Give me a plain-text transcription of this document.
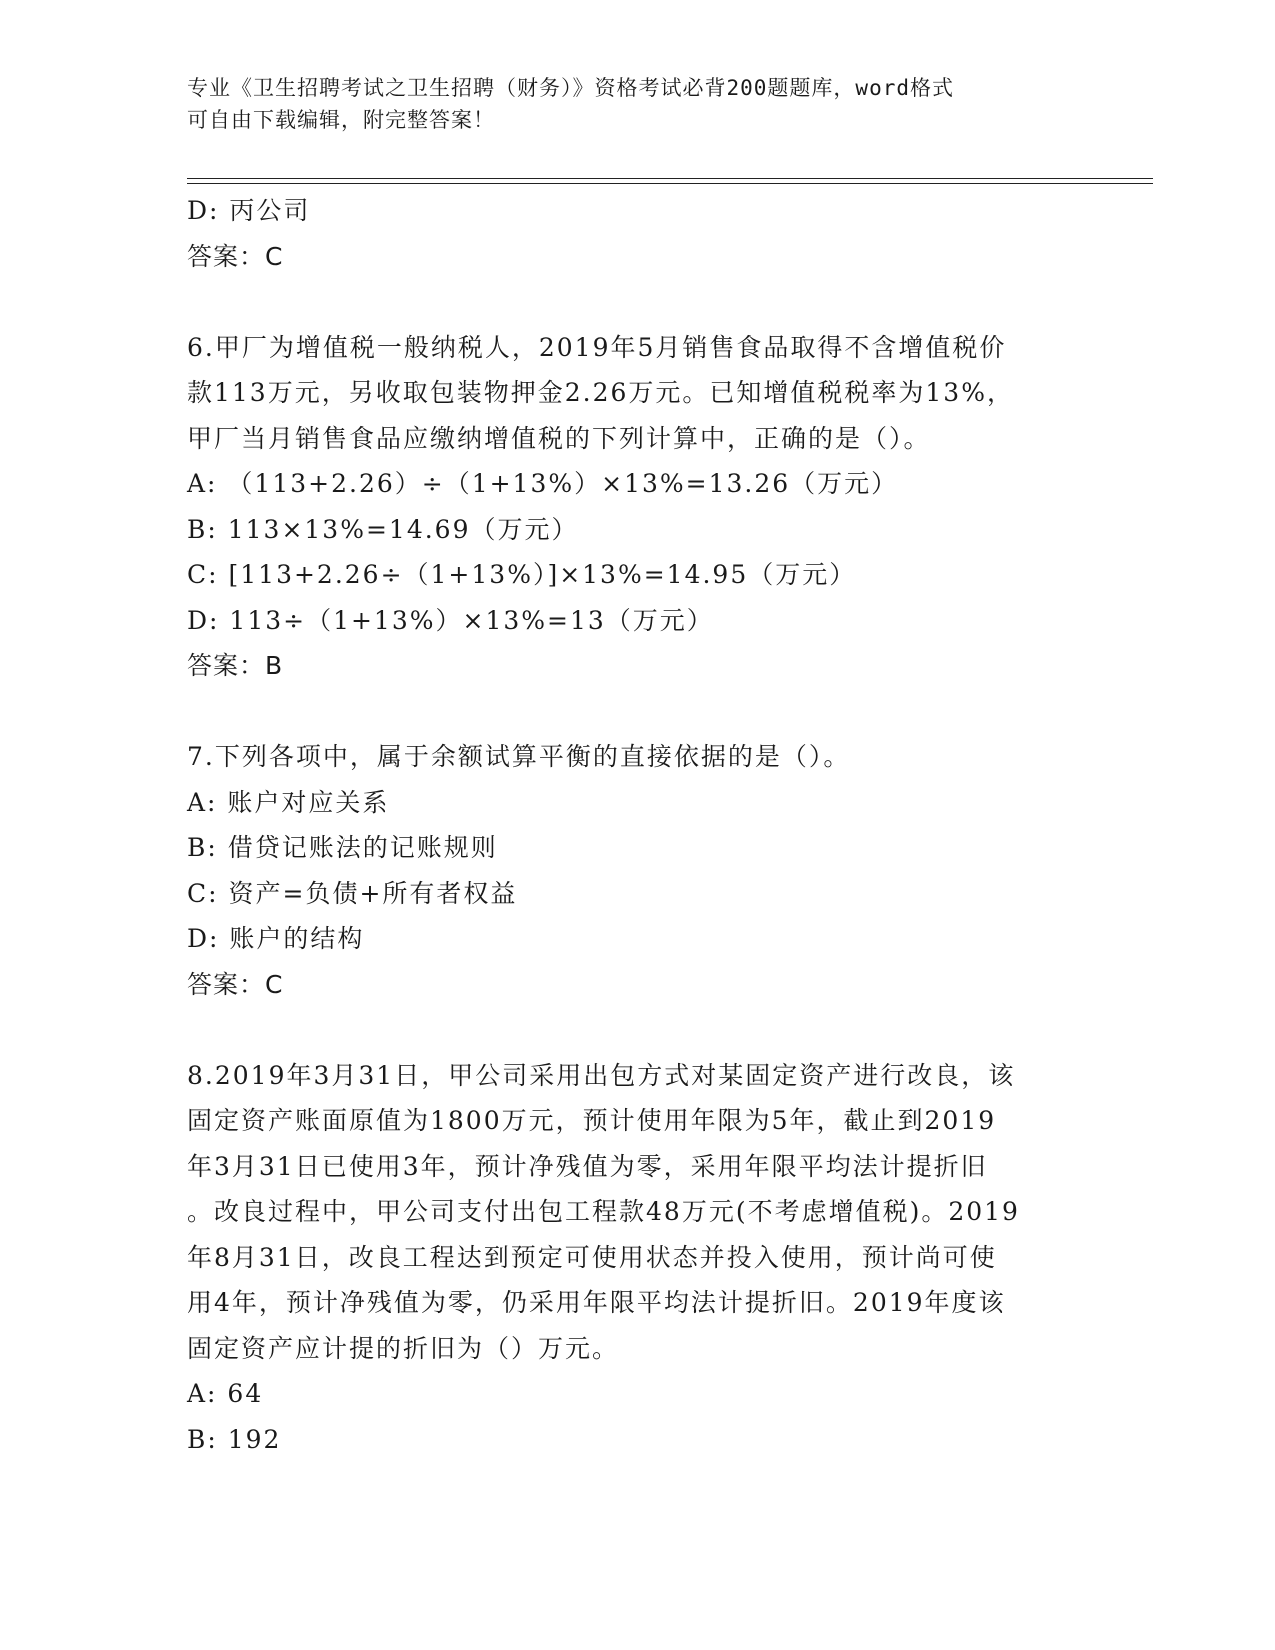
专业《卫生招聘考试之卫生招聘（财务）》资格考试必背200题题库，word格式
可自由下载编辑，附完整答案！
D: 丙公司
答案：C
6.甲厂为增值税一般纳税人，2019年5月销售食品取得不含增值税价
款113万元，另收取包装物押金2.26万元。已知增值税税率为13%，
甲厂当月销售食品应缴纳增值税的下列计算中，正确的是（）。
A: （113+2.26）÷（1+13%）×13%=13.26（万元）
B: 113×13%=14.69（万元）
C: [113+2.26÷（1+13%）]×13%=14.95（万元）
D: 113÷（1+13%）×13%=13（万元）
答案：B
7.下列各项中，属于余额试算平衡的直接依据的是（）。
A: 账户对应关系
B: 借贷记账法的记账规则
C: 资产=负债+所有者权益
D: 账户的结构
答案：C
8.2019年3月31日，甲公司采用出包方式对某固定资产进行改良，该
固定资产账面原值为1800万元，预计使用年限为5年，截止到2019
年3月31日已使用3年，预计净残值为零，采用年限平均法计提折旧
。改良过程中，甲公司支付出包工程款48万元(不考虑增值税)。2019
年8月31日，改良工程达到预定可使用状态并投入使用，预计尚可使
用4年，预计净残值为零，仍采用年限平均法计提折旧。2019年度该
固定资产应计提的折旧为（）万元。
A: 64
B: 192
